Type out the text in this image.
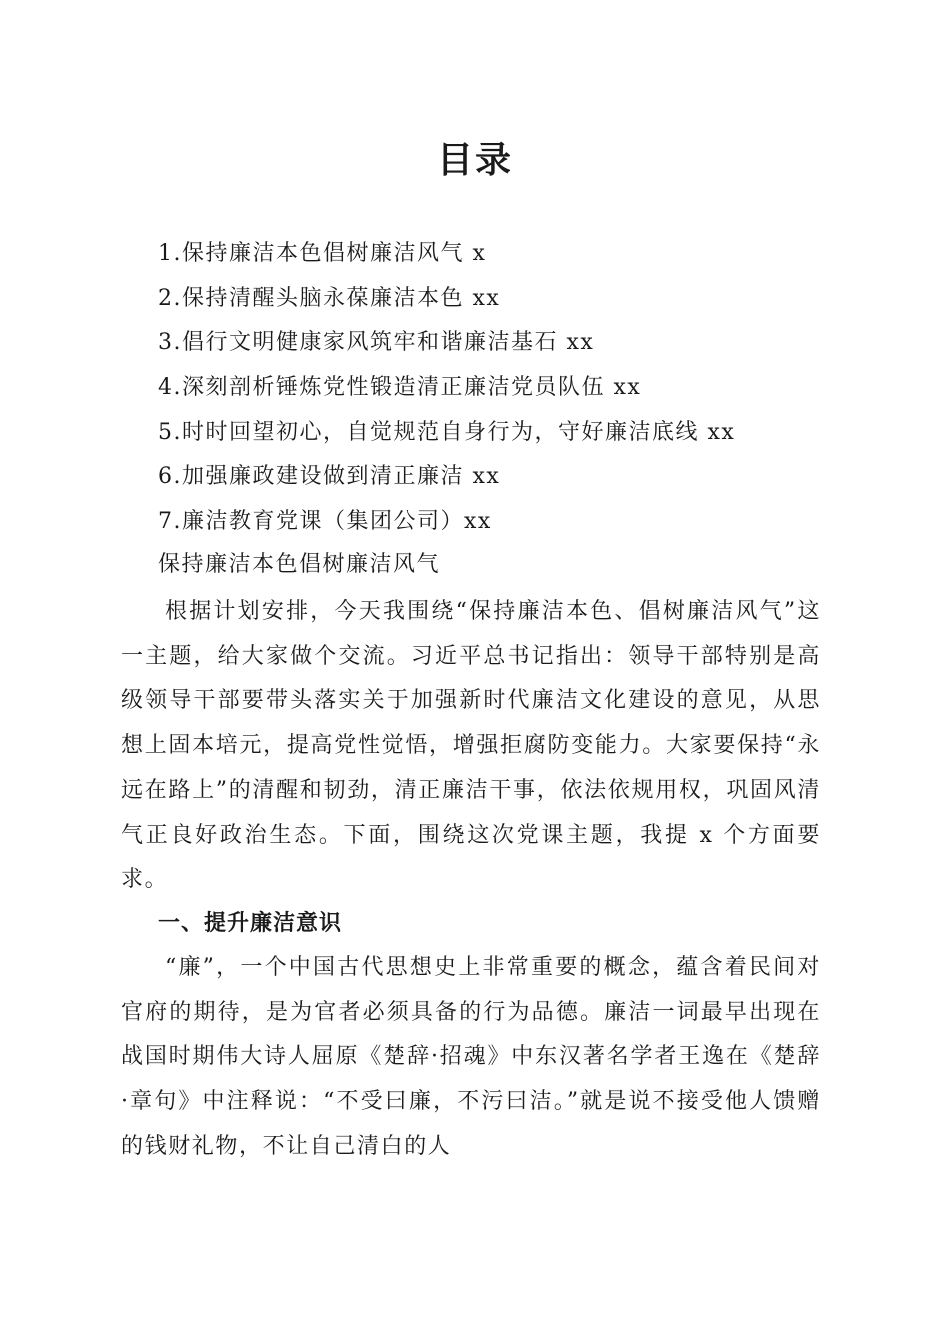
目录
1.保持廉洁本色倡树廉洁风气 x
2.保持清醒头脑永葆廉洁本色 xx
3.倡行文明健康家风筑牢和谐廉洁基石 xx
4.深刻剖析锤炼党性锻造清正廉洁党员队伍 xx
5.时时回望初心，自觉规范自身行为，守好廉洁底线 xx
6.加强廉政建设做到清正廉洁 xx
7.廉洁教育党课（集团公司）xx
保持廉洁本色倡树廉洁风气

根据计划安排，今天我围绕“保持廉洁本色、倡树廉洁风气”这一主题，给大家做个交流。习近平总书记指出：领导干部特别是高级领导干部要带头落实关于加强新时代廉洁文化建设的意见，从思想上固本培元，提高党性觉悟，增强拒腐防变能力。大家要保持“永远在路上”的清醒和韧劲，清正廉洁干事，依法依规用权，巩固风清气正良好政治生态。下面，围绕这次党课主题，我提 x 个方面要求。

一、提升廉洁意识

“廉”，一个中国古代思想史上非常重要的概念，蕴含着民间对官府的期待，是为官者必须具备的行为品德。廉洁一词最早出现在战国时期伟大诗人屈原《楚辞·招魂》中东汉著名学者王逸在《楚辞·章句》中注释说：“不受曰廉，不污曰洁。”就是说不接受他人馈赠的钱财礼物，不让自己清白的人
